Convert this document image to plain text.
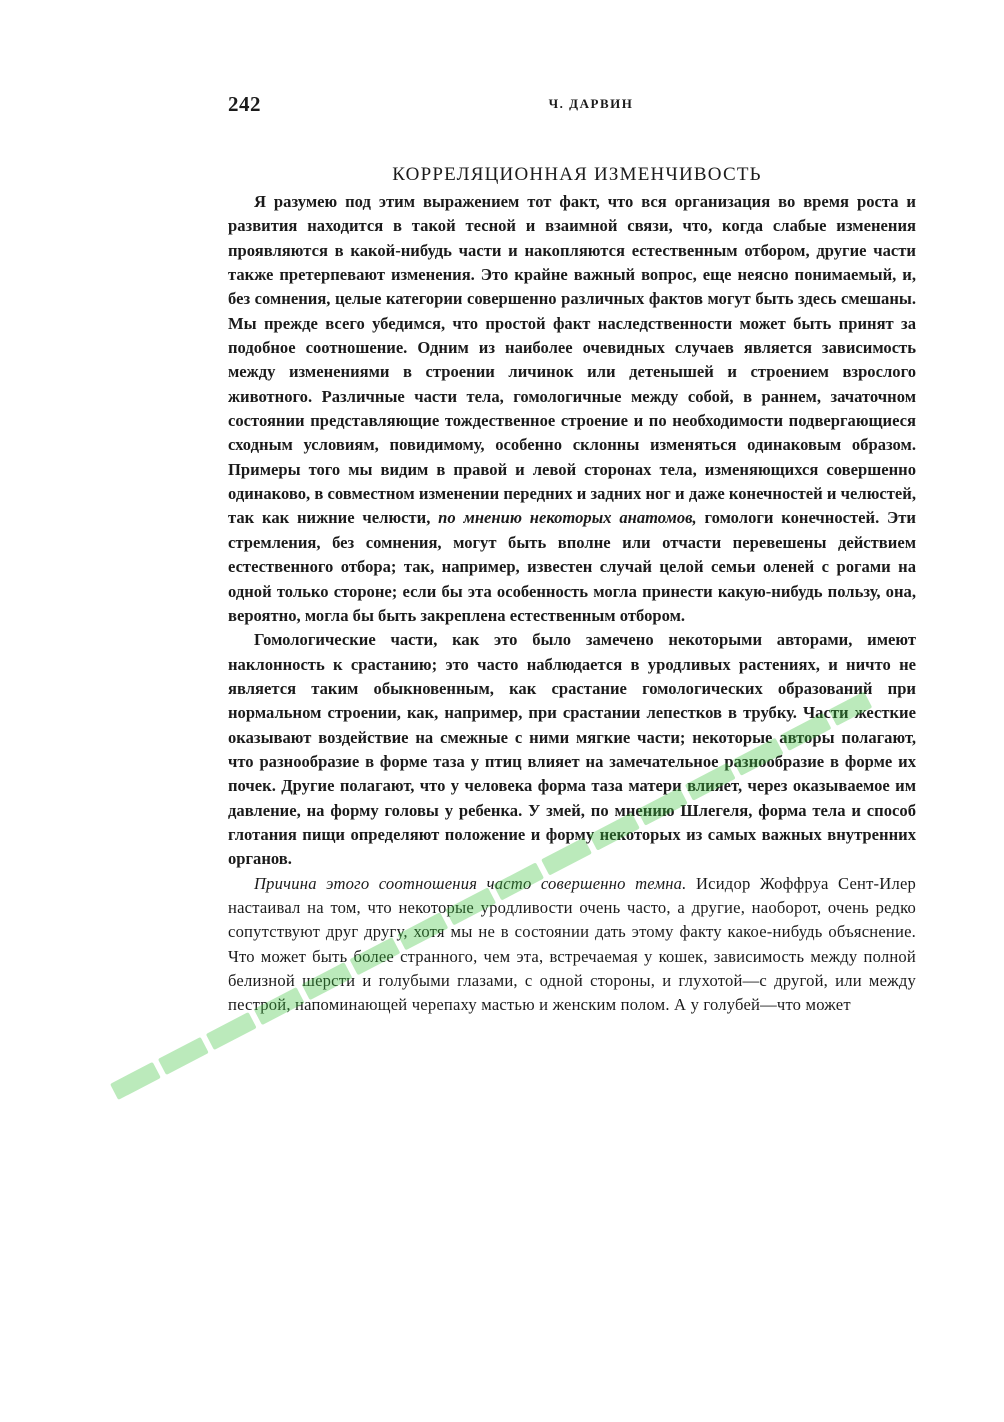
242	Ч. ДАРВИН
КОРРЕЛЯЦИОННАЯ ИЗМЕНЧИВОСТЬ

Я разумею под этим выражением тот факт, что вся организация во время роста и развития находится в такой тесной и взаимной связи, что, когда слабые изменения проявляются в какой-нибудь части и накопляются естественным отбором, другие части также претерпевают изменения. Это крайне важный вопрос, еще неясно понимаемый, и, без сомнения, целые категории совершенно различных фактов могут быть здесь смешаны. Мы прежде всего убедимся, что простой факт наследственности может быть принят за подобное соотношение. Одним из наиболее очевидных случаев является зависимость между изменениями в строении личинок или детенышей и строением взрослого животного. Различные части тела, гомологичные между собой, в раннем, зачаточном состоянии представляющие тождественное строение и по необходимости подвергающиеся сходным условиям, повидимому, особенно склонны изменяться одинаковым образом. Примеры того мы видим в правой и левой сторонах тела, изменяющихся совершенно одинаково, в совместном изменении передних и задних ног и даже конечностей и челюстей, так как нижние челюсти, по мнению некоторых анатомов, гомологи конечностей. Эти стремления, без сомнения, могут быть вполне или отчасти перевешены действием естественного отбора; так, например, известен случай целой семьи оленей с рогами на одной только стороне; если бы эта особенность могла принести какую-нибудь пользу, она, вероятно, могла бы быть закреплена естественным отбором.

Гомологические части, как это было замечено некоторыми авторами, имеют наклонность к срастанию; это часто наблюдается в уродливых растениях, и ничто не является таким обыкновенным, как срастание гомологических образований при нормальном строении, как, например, при срастании лепестков в трубку. Части жесткие оказывают воздействие на смежные с ними мягкие части; некоторые авторы полагают, что разнообразие в форме таза у птиц влияет на замечательное разнообразие в форме их почек. Другие полагают, что у человека форма таза матери влияет, через оказываемое им давление, на форму головы у ребенка. У змей, по мнению Шлегеля, форма тела и способ глотания пищи определяют положение и форму некоторых из самых важных внутренних органов.

Причина этого соотношения часто совершенно темна. Исидор Жоффруа Сент-Илер настаивал на том, что некоторые уродливости очень часто, а другие, наоборот, очень редко сопутствуют друг другу, хотя мы не в состоянии дать этому факту какое-нибудь объяснение. Что может быть более странного, чем эта, встречаемая у кошек, зависимость между полной белизной шерсти и голубыми глазами, с одной стороны, и глухотой—с другой, или между пестрой, напоминающей черепаху мастью и женским полом. А у голубей—что может
